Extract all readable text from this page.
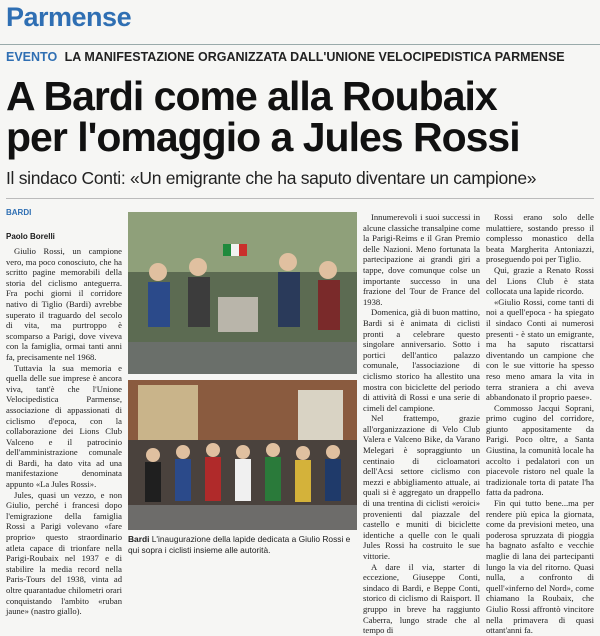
Parmense
EVENTO LA MANIFESTAZIONE ORGANIZZATA DALL'UNIONE VELOCIPEDISTICA PARMENSE
A Bardi come alla Roubaix
per l'omaggio a Jules Rossi
Il sindaco Conti: «Un emigrante che ha saputo diventare un campione»
BARDI
Paolo Borelli

Giulio Rossi, un campione vero, ma poco conosciuto, che ha scritto pagine memorabili della storia del ciclismo anteguerra. Fra pochi giorni il corridore nativo di Tiglio (Bardi) avrebbe superato il traguardo del secolo di vita, ma purtroppo è scomparso a Parigi, dove viveva con la famiglia, ormai tanti anni fa, precisamente nel 1968.

Tuttavia la sua memoria e quella delle sue imprese è ancora viva, tant'è che l'Unione Velocipedistica Parmense, associazione di appassionati di ciclismo d'epoca, con la collaborazione dei Lions Club Valceno e il patrocinio dell'amministrazione comunale di Bardi, ha dato vita ad una manifestazione denominata appunto «La Jules Rossi».

Jules, quasi un vezzo, e non Giulio, perché i francesi dopo l'emigrazione della famiglia Rossi a Parigi volevano «fare proprio» questo straordinario atleta capace di trionfare nella Parigi-Roubaix nel 1937 e di stabilire la media record nella Paris-Tours del 1938, vinta ad oltre quarantadue chilometri orari conquistando l'ambito «ruban jaune» (nastro giallo).

Bardi L'inaugurazione della lapide dedicata a Giulio Rossi e qui sopra i ciclisti insieme alle autorità.

Innumerevoli i suoi successi in alcune classiche transalpine come la Parigi-Reims e il Gran Premio delle Nazioni. Meno fortunata la partecipazione ai grandi giri a tappe, dove comunque colse un importante successo in una frazione del Tour de France del 1938.

Domenica, già di buon mattino, Bardi si è animata di ciclisti pronti a celebrare questo singolare anniversario. Sotto i portici dell'antico palazzo comunale, l'associazione di ciclismo storico ha allestito una mostra con biciclette del periodo di attività di Rossi e una serie di cimeli del campione.

Nel frattempo, grazie all'organizzazione di Velo Club Valera e Valceno Bike, da Varano Melegari è sopraggiunto un centinaio di cicloamatori dell'Acsi settore ciclismo con mezzi e abbigliamento attuale, ai quali si è aggregato un drappello di una trentina di ciclisti «eroici» provenienti dal piazzale del castello e muniti di biciclette identiche a quelle con le quali Jules Rossi ha costruito le sue vittorie.

A dare il via, starter di eccezione, Giuseppe Conti, sindaco di Bardi, e Beppe Conti, storico di ciclismo di Raisport. Il gruppo in breve ha raggiunto Caberra, lungo strade che al tempo di

Rossi erano solo delle mulattiere, sostando presso il complesso monastico della beata Margherita Antoniazzi, proseguendo poi per Tiglio.

Qui, grazie a Renato Rossi del Lions Club è stata collocata una lapide ricordo.

«Giulio Rossi, come tanti di noi a quell'epoca - ha spiegato il sindaco Conti ai numerosi presenti - è stato un emigrante, ma ha saputo riscattarsi diventando un campione che con le sue vittorie ha spesso reso meno amara la vita in terra straniera a chi aveva abbandonato il proprio paese».

Commosso Jacqui Soprani, primo cugino del corridore, giunto appositamente da Parigi. Poco oltre, a Santa Giustina, la comunità locale ha accolto i pedalatori con un piacevole ristoro nel quale la tradizionale torta di patate l'ha fatta da padrona.

Fin qui tutto bene...ma per rendere più epica la giornata, come da previsioni meteo, una poderosa spruzzata di pioggia ha bagnato asfalto e vecchie maglie di lana dei partecipanti lungo la via del ritorno. Quasi nulla, a confronto di quell'«inferno del Nord», come chiamano la Roubaix, che Giulio Rossi affrontò vincitore nella primavera di quasi ottant'anni fa.
